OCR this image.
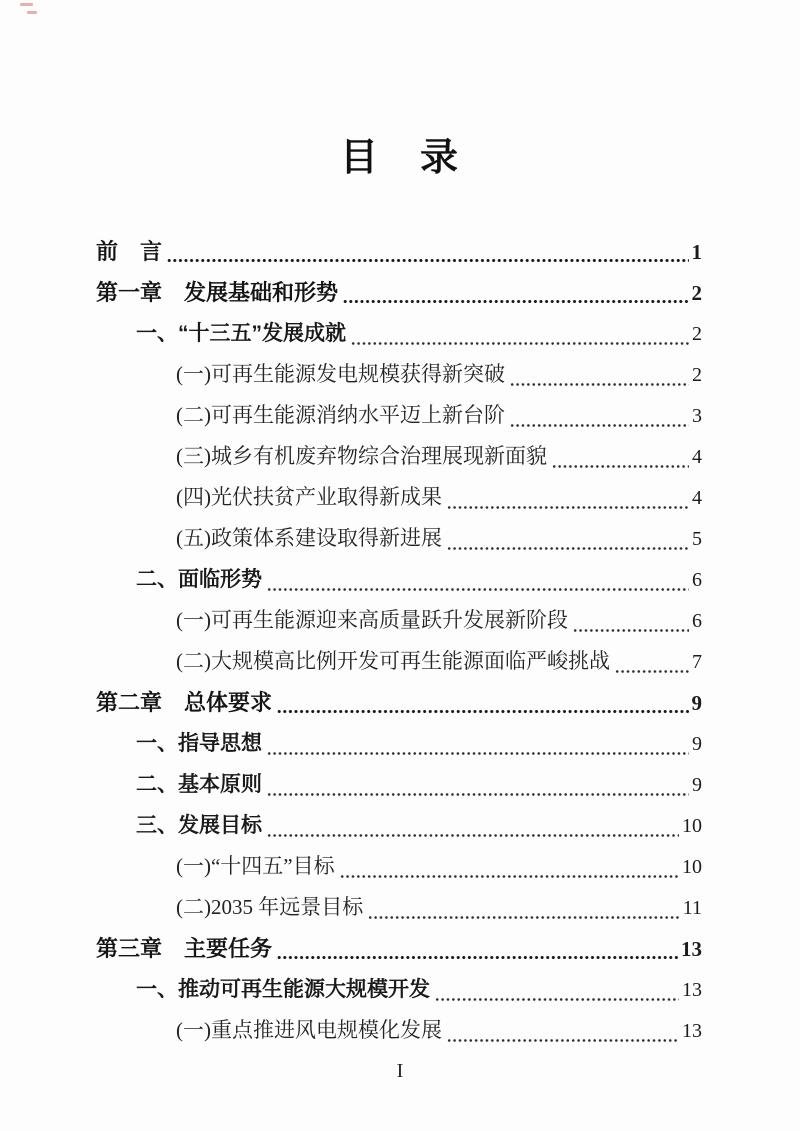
目　录
前　言	1
第一章　发展基础和形势	2
一、“十三五”发展成就	2
(一)可再生能源发电规模获得新突破	2
(二)可再生能源消纳水平迈上新台阶	3
(三)城乡有机废弃物综合治理展现新面貌	4
(四)光伏扶贫产业取得新成果	4
(五)政策体系建设取得新进展	5
二、面临形势	6
(一)可再生能源迎来高质量跃升发展新阶段	6
(二)大规模高比例开发可再生能源面临严峻挑战	7
第二章　总体要求	9
一、指导思想	9
二、基本原则	9
三、发展目标	10
(一)“十四五”目标	10
(二)2035 年远景目标	11
第三章　主要任务	13
一、推动可再生能源大规模开发	13
(一)重点推进风电规模化发展	13
I
